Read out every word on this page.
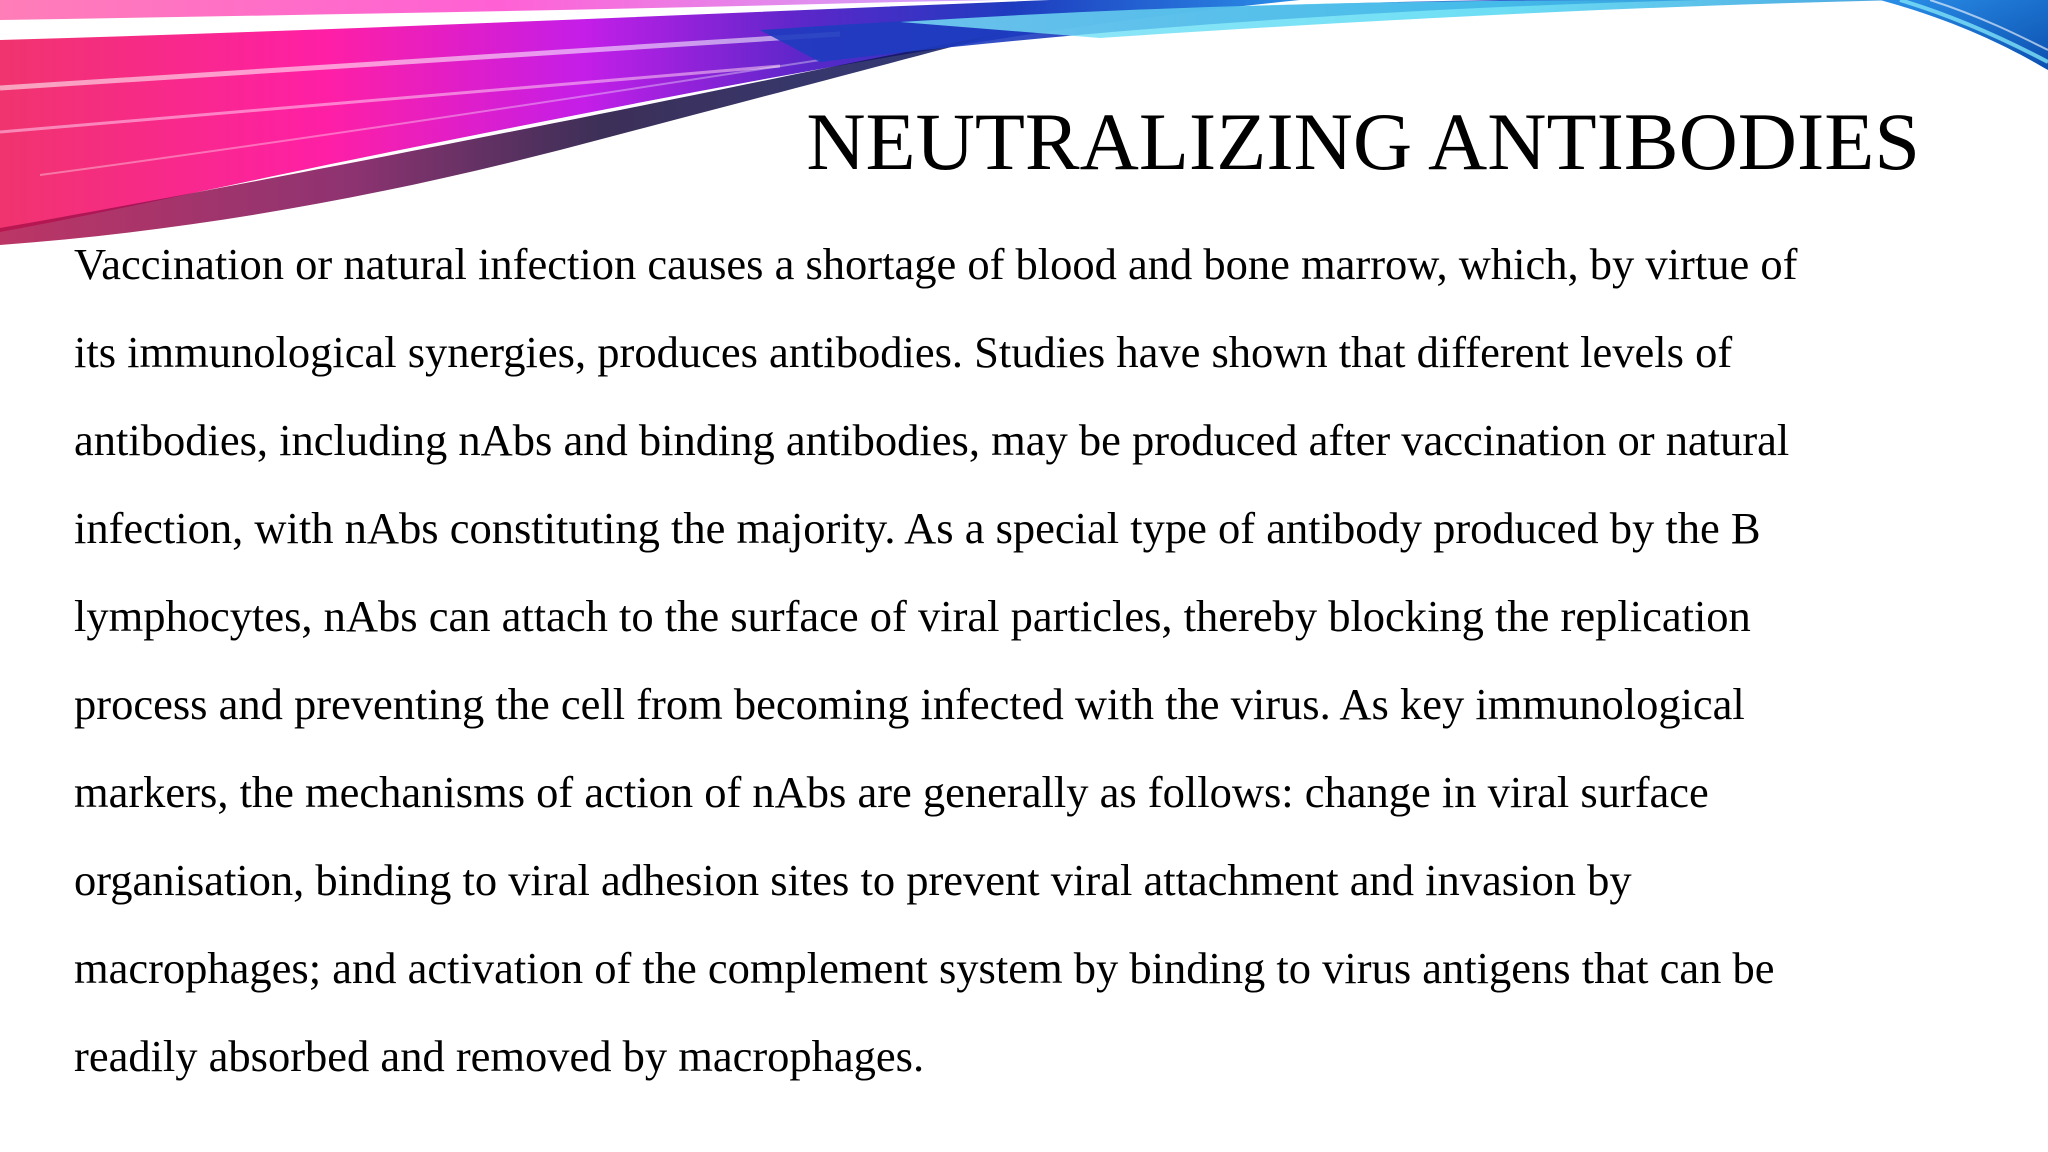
NEUTRALIZING ANTIBODIES

Vaccination or natural infection causes a shortage of blood and bone marrow, which, by virtue of
its immunological synergies, produces antibodies. Studies have shown that different levels of
antibodies, including nAbs and binding antibodies, may be produced after vaccination or natural
infection, with nAbs constituting the majority. As a special type of antibody produced by the B
lymphocytes, nAbs can attach to the surface of viral particles, thereby blocking the replication
process and preventing the cell from becoming infected with the virus. As key immunological
markers, the mechanisms of action of nAbs are generally as follows: change in viral surface
organisation, binding to viral adhesion sites to prevent viral attachment and invasion by
macrophages; and activation of the complement system by binding to virus antigens that can be
readily absorbed and removed by macrophages.
